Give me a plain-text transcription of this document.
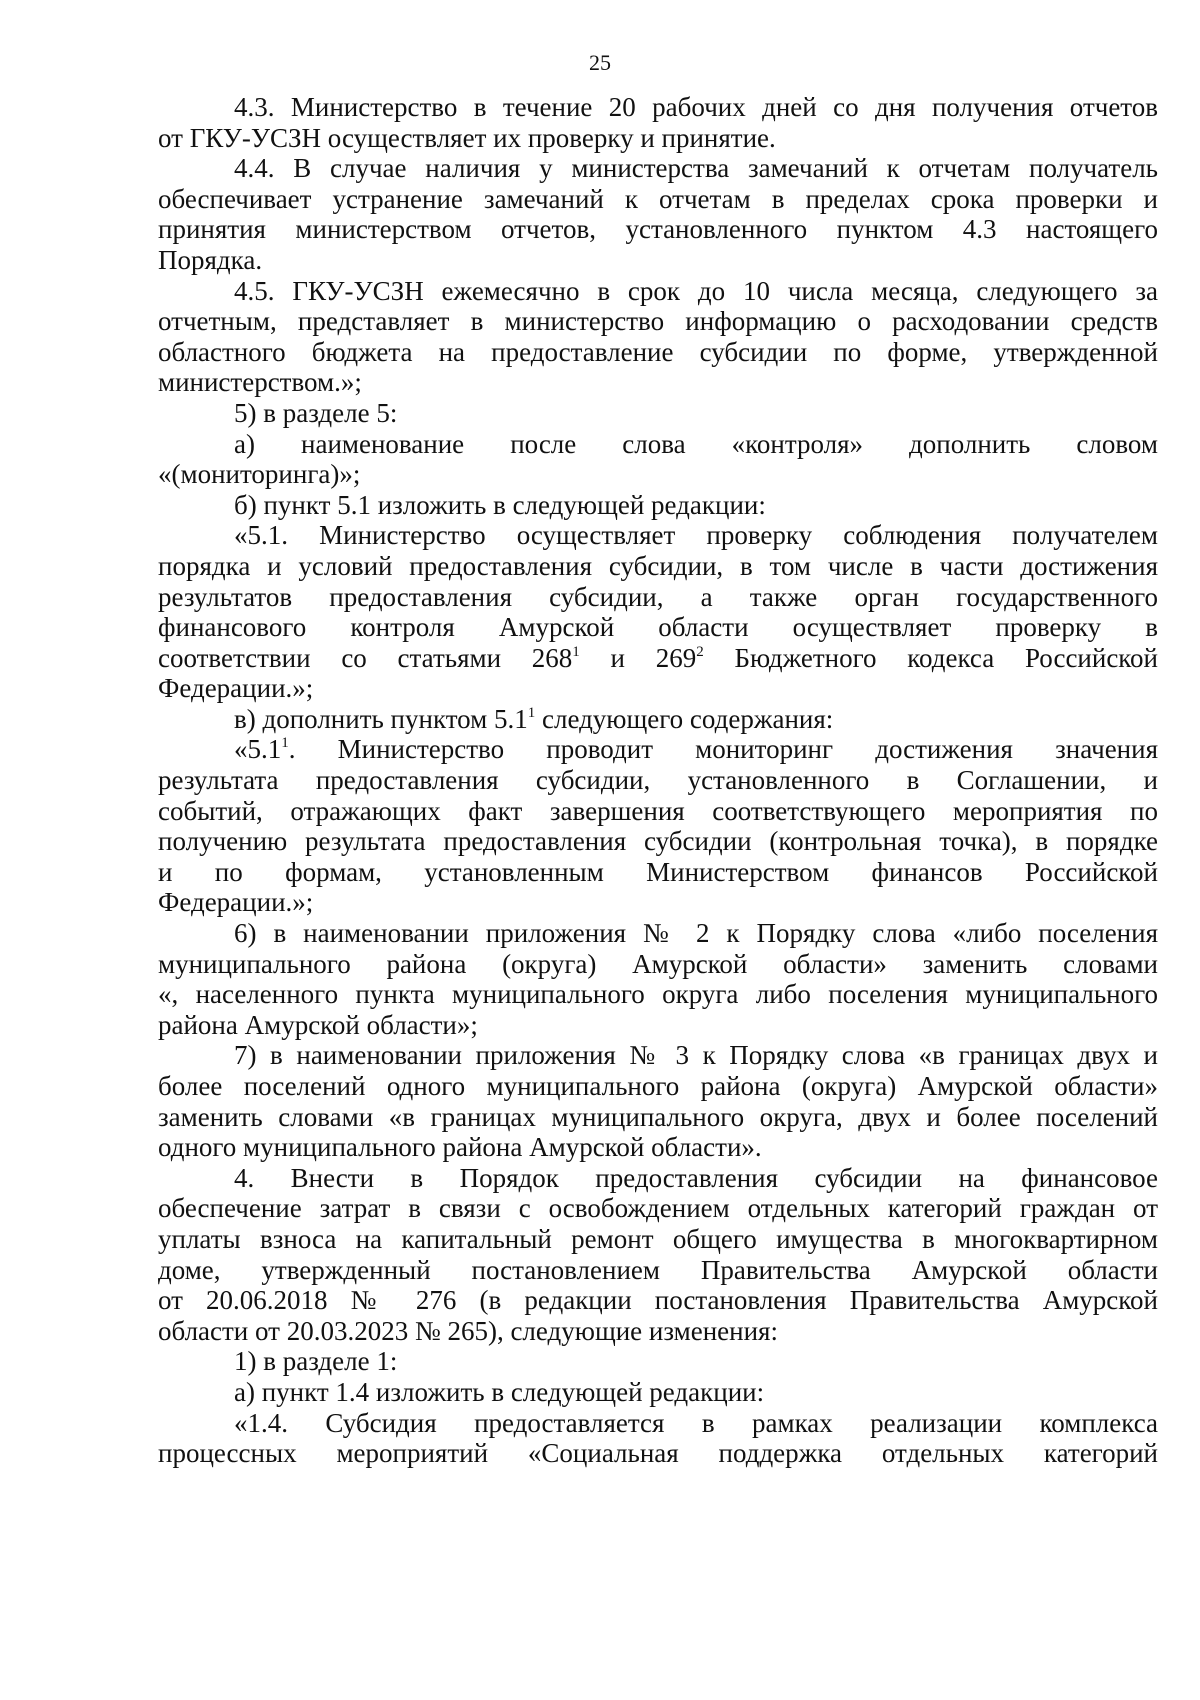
25
4.3. Министерство в течение 20 рабочих дней со дня получения отчетов
от ГКУ-УСЗН осуществляет их проверку и принятие.
4.4. В случае наличия у министерства замечаний к отчетам получатель
обеспечивает устранение замечаний к отчетам в пределах срока проверки и
принятия министерством отчетов, установленного пунктом 4.3 настоящего
Порядка.
4.5. ГКУ-УСЗН ежемесячно в срок до 10 числа месяца, следующего за
отчетным, представляет в министерство информацию о расходовании средств
областного бюджета на предоставление субсидии по форме, утвержденной
министерством.»;
5) в разделе 5:
а) наименование после слова «контроля» дополнить словом
«(мониторинга)»;
б) пункт 5.1 изложить в следующей редакции:
«5.1. Министерство осуществляет проверку соблюдения получателем
порядка и условий предоставления субсидии, в том числе в части достижения
результатов предоставления субсидии, а также орган государственного
финансового контроля Амурской области осуществляет проверку в
соответствии со статьями $268^1$ и $269^2$ Бюджетного кодекса Российской
Федерации.»;
в) дополнить пунктом $5.1^1$ следующего содержания:
«$5.1^1$. Министерство проводит мониторинг достижения значения
результата предоставления субсидии, установленного в Соглашении, и
событий, отражающих факт завершения соответствующего мероприятия по
получению результата предоставления субсидии (контрольная точка), в порядке
и по формам, установленным Министерством финансов Российской
Федерации.»;
6) в наименовании приложения № 2 к Порядку слова «либо поселения
муниципального района (округа) Амурской области» заменить словами
«, населенного пункта муниципального округа либо поселения муниципального
района Амурской области»;
7) в наименовании приложения № 3 к Порядку слова «в границах двух и
более поселений одного муниципального района (округа) Амурской области»
заменить словами «в границах муниципального округа, двух и более поселений
одного муниципального района Амурской области».
4. Внести в Порядок предоставления субсидии на финансовое
обеспечение затрат в связи с освобождением отдельных категорий граждан от
уплаты взноса на капитальный ремонт общего имущества в многоквартирном
доме, утвержденный постановлением Правительства Амурской области
от 20.06.2018 № 276 (в редакции постановления Правительства Амурской
области от 20.03.2023 № 265), следующие изменения:
1) в разделе 1:
а) пункт 1.4 изложить в следующей редакции:
«1.4. Субсидия предоставляется в рамках реализации комплекса
процессных мероприятий «Социальная поддержка отдельных категорий
